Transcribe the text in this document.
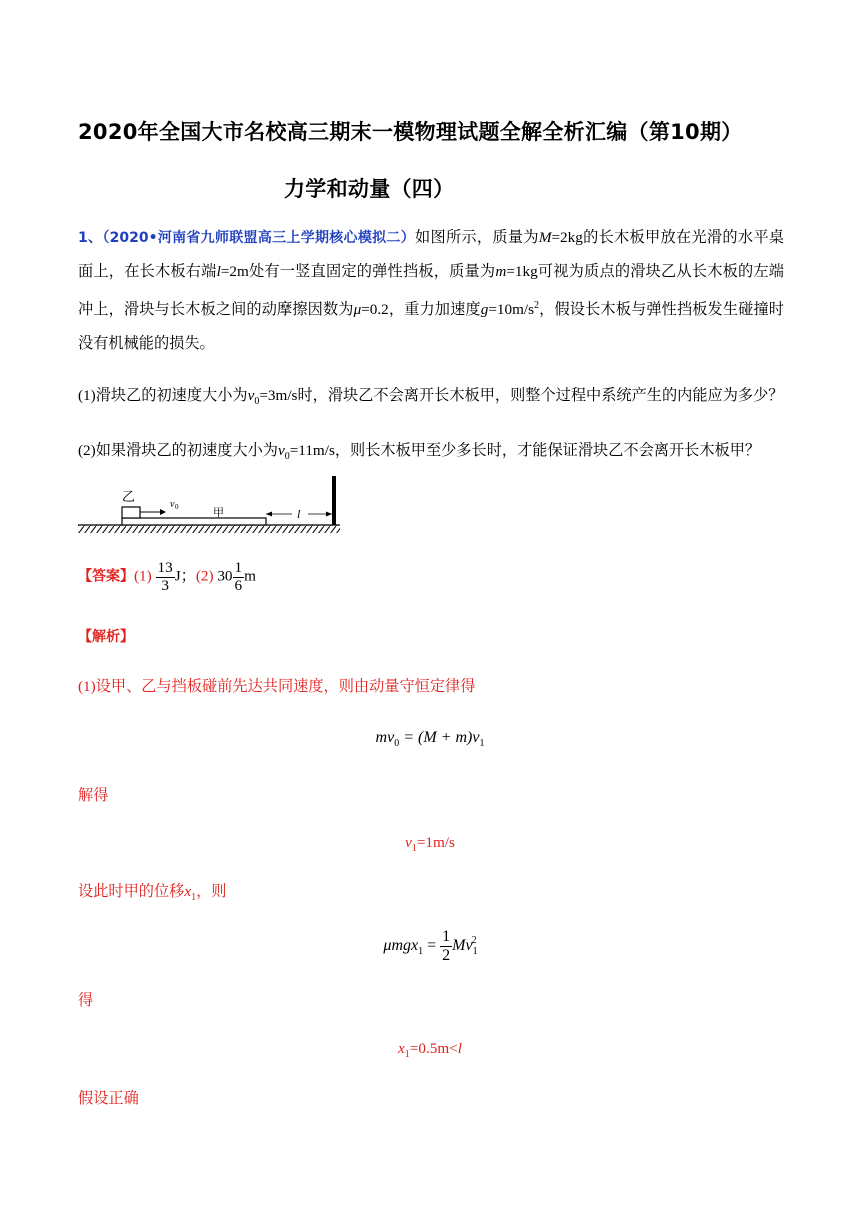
2020年全国大市名校高三期末一模物理试题全解全析汇编（第10期）
力学和动量（四）
1、（2020•河南省九师联盟高三上学期核心模拟二）如图所示，质量为M=2kg的长木板甲放在光滑的水平桌面上，在长木板右端l=2m处有一竖直固定的弹性挡板，质量为m=1kg可视为质点的滑块乙从长木板的左端冲上，滑块与长木板之间的动摩擦因数为μ=0.2，重力加速度$g=10m/s^2$，假设长木板与弹性挡板发生碰撞时没有机械能的损失。
(1)滑块乙的初速度大小为$v_0=3m/s$时，滑块乙不会离开长木板甲，则整个过程中系统产生的内能应为多少？
(2)如果滑块乙的初速度大小为$v_0=11m/s$，则长木板甲至少多长时，才能保证滑块乙不会离开长木板甲？
乙	v 0	甲	l
【答案】$(1) \frac{13}{3}$ J；(2) $30 \frac{1}{6}$ m
【解析】
(1)设甲、乙与挡板碰前先达共同速度，则由动量守恒定律得
$mv_0 = (M + m)v_1$
解得
$v_1=1m/s$
设此时甲的位移$x_1$，则
$\mu mgx_1 = \frac{1}{2} Mv_1^2$
得
$x_1=0.5m<l$
假设正确
